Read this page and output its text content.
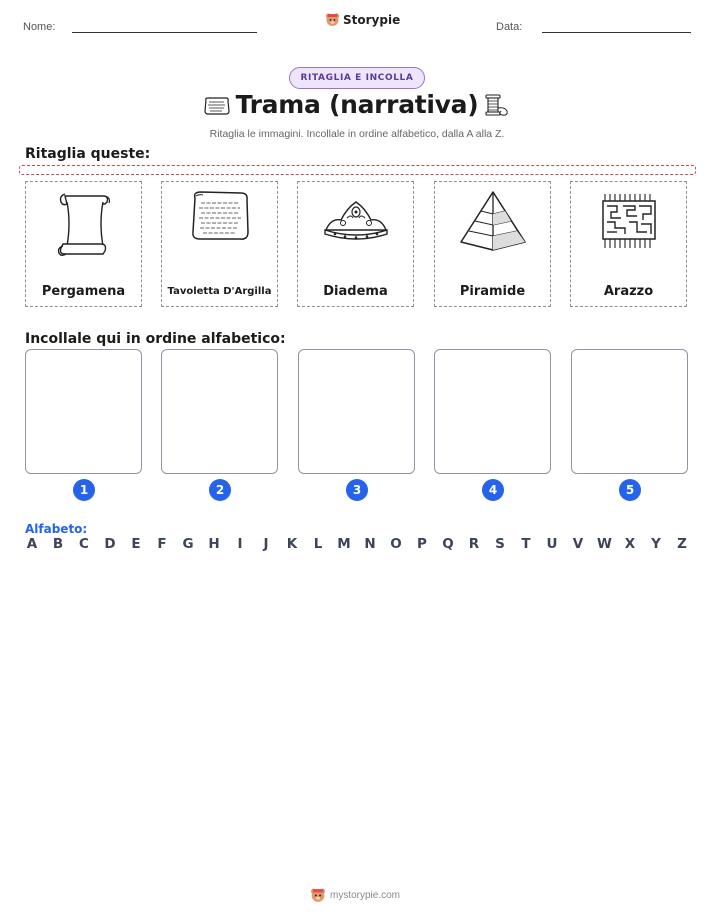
Nome:	Storypie	Data:
RITAGLIA E INCOLLA
Trama (narrativa)
Ritaglia le immagini. Incollale in ordine alfabetico, dalla A alla Z.
Ritaglia queste:
Pergamena	Tavoletta D'Argilla	Diadema	Piramide	Arazzo
Incollale qui in ordine alfabetico:
1	2	3	4	5
Alfabeto:
A B C D E F G H	I	J	K L M N O P Q R S T U V W X Y Z
mystorypie.com
